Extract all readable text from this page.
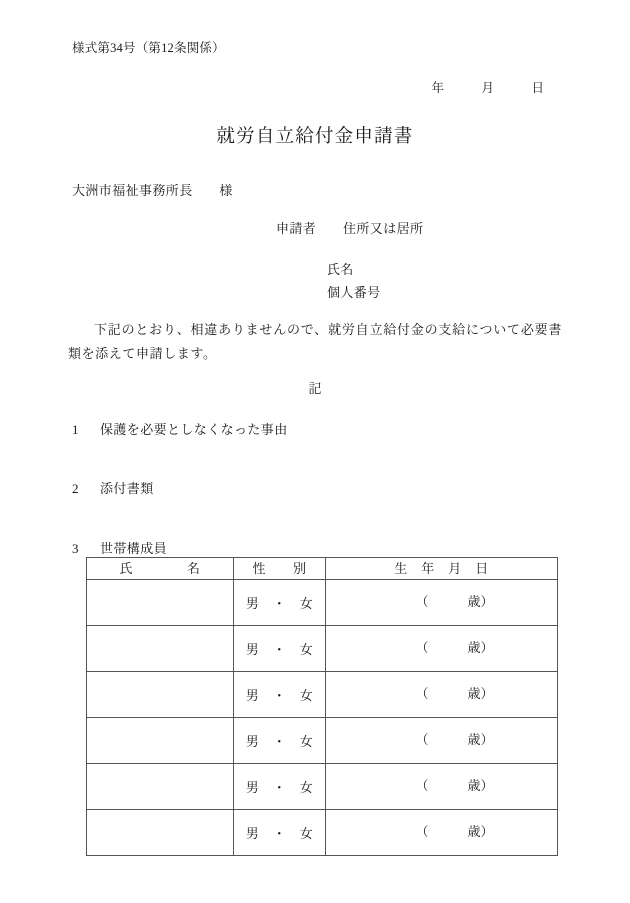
様式第34号（第12条関係）
年　　　月　　　日
就労自立給付金申請書
大洲市福祉事務所長　　様
申請者　　住所又は居所
氏名
個人番号
下記のとおり、相違ありませんので、就労自立給付金の支給について必要書類を添えて申請します。
記
1 保護を必要としなくなった事由
2 添付書類
3 世帯構成員
氏　　　　名	性　　別	生　年　月　日
	男　・　女	（　　　歳）

	男　・　女	（　　　歳）

	男　・　女	（　　　歳）

	男　・　女	（　　　歳）

	男　・　女	（　　　歳）

	男　・　女	（　　　歳）
